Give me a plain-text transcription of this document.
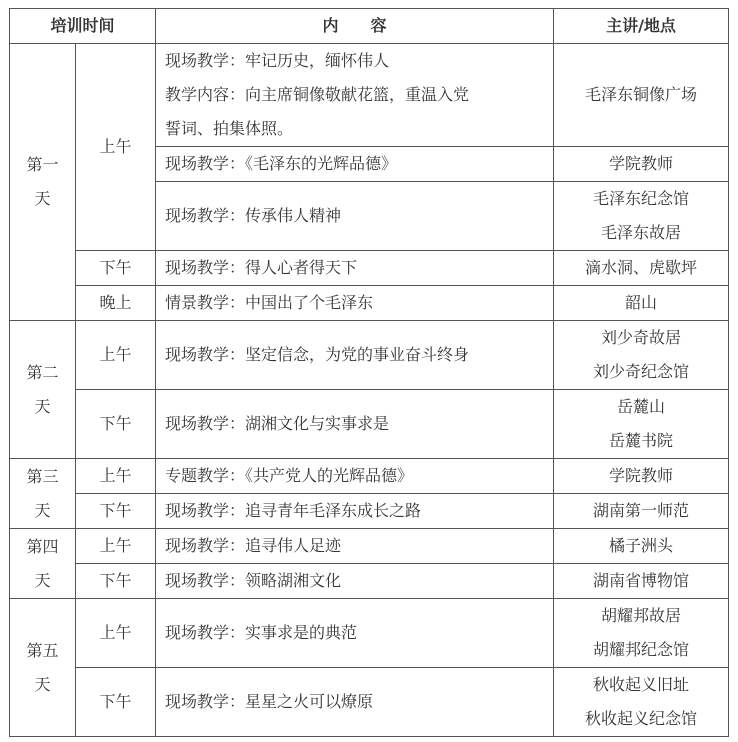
培训时间		内　　容	主讲/地点

第一
天	上午	现场教学：牢记历史，缅怀伟人
教学内容：向主席铜像敬献花篮，重温入党
誓词、拍集体照。	毛泽东铜像广场

		现场教学：《毛泽东的光辉品德》	学院教师

		现场教学：传承伟人精神	毛泽东纪念馆
毛泽东故居

	下午	现场教学：得人心者得天下	滴水洞、虎歇坪

	晚上	情景教学：中国出了个毛泽东	韶山

第二
天	上午	现场教学：坚定信念，为党的事业奋斗终身	刘少奇故居
刘少奇纪念馆

	下午	现场教学：湖湘文化与实事求是	岳麓山
岳麓书院

第三
天	上午	专题教学：《共产党人的光辉品德》	学院教师

	下午	现场教学：追寻青年毛泽东成长之路	湖南第一师范

第四
天	上午	现场教学：追寻伟人足迹	橘子洲头

	下午	现场教学：领略湖湘文化	湖南省博物馆

第五
天	上午	现场教学：实事求是的典范	胡耀邦故居
胡耀邦纪念馆

	下午	现场教学：星星之火可以燎原	秋收起义旧址
秋收起义纪念馆
